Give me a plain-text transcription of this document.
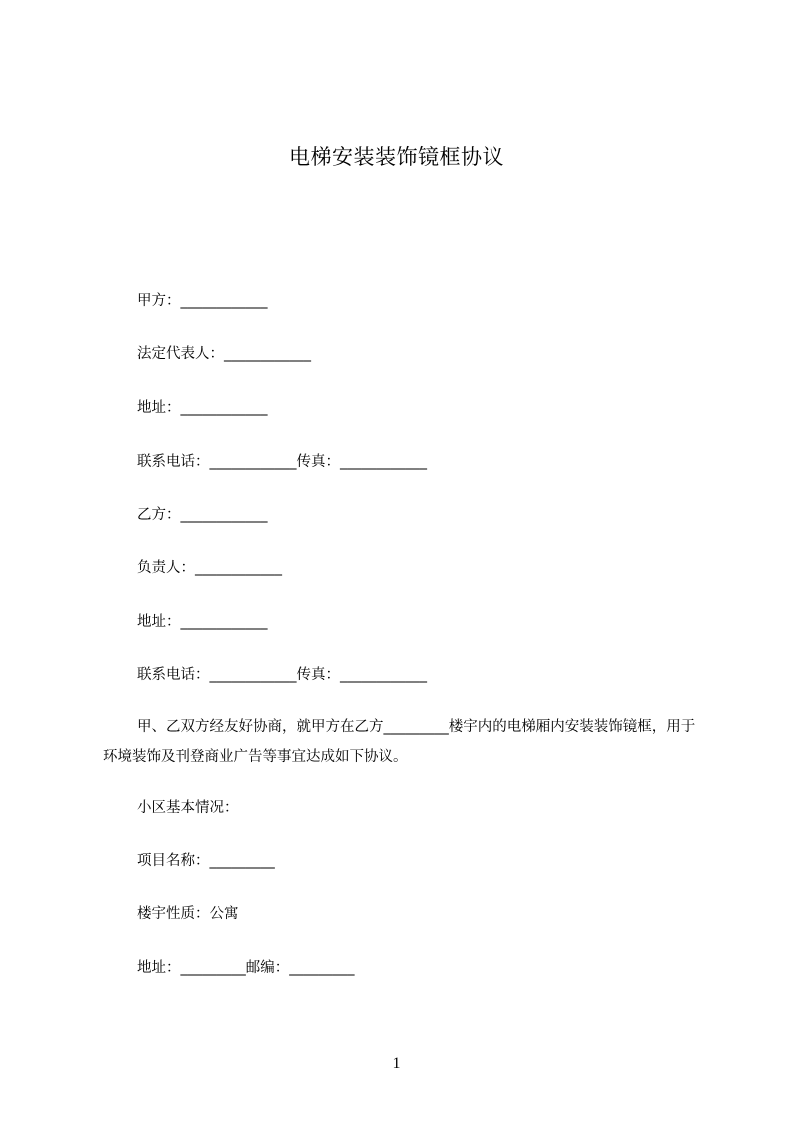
电梯安装装饰镜框协议
甲方：____________
法定代表人：____________
地址：____________
联系电话：____________传真：____________
乙方：____________
负责人：____________
地址：____________
联系电话：____________传真：____________
甲、乙双方经友好协商，就甲方在乙方_________楼宇内的电梯厢内安装装饰镜框，用于环境装饰及刊登商业广告等事宜达成如下协议。
小区基本情况：
项目名称：_________
楼宇性质：公寓
地址：_________邮编：_________
1
